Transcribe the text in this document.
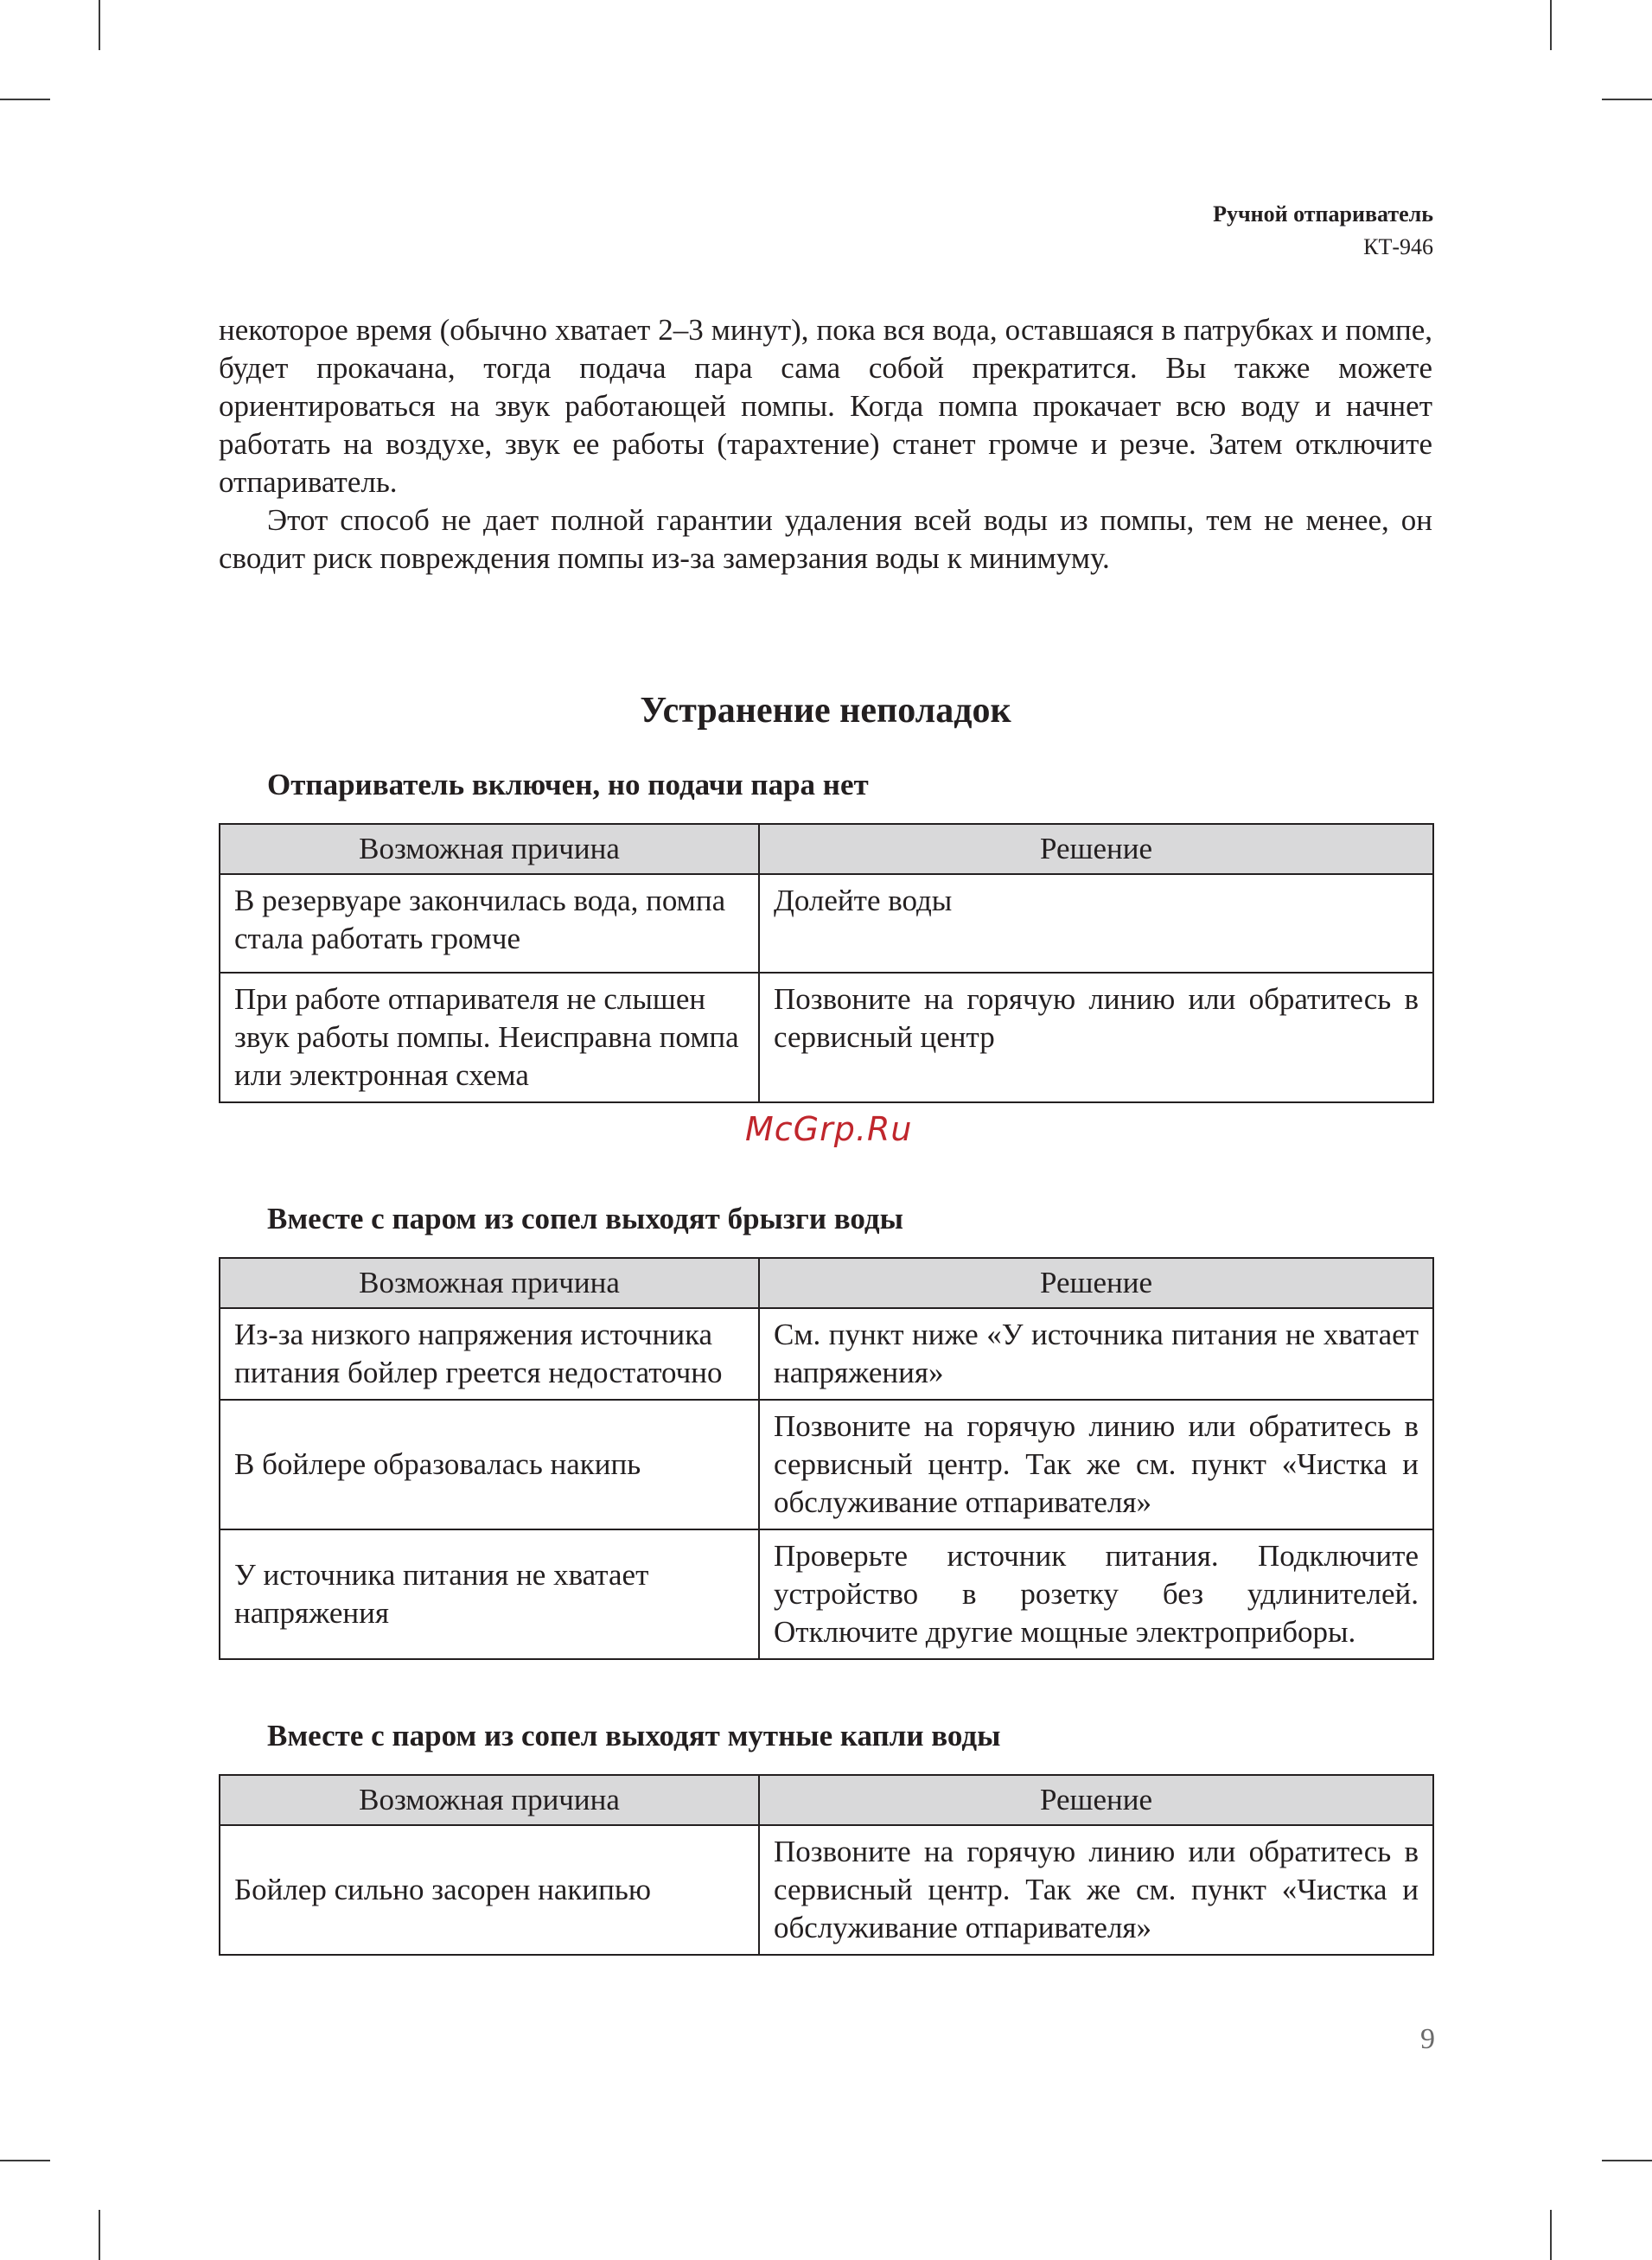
Ручной отпариватель
КТ-946

некоторое время (обычно хватает 2–3 минут), пока вся вода, оставшаяся в патрубках и помпе, будет прокачана, тогда подача пара сама собой прекратится. Вы также можете ориентироваться на звук работающей помпы. Когда помпа прокачает всю воду и начнет работать на воздухе, звук ее работы (тарахтение) станет громче и резче. Затем отключите отпариватель.

Этот способ не дает полной гарантии удаления всей воды из помпы, тем не менее, он сводит риск повреждения помпы из-за замерзания воды к минимуму.

Устранение неполадок
Отпариватель включен, но подачи пара нет
Возможная причина	Решение
В резервуаре закончилась вода, помпа стала работать громче	Долейте воды
При работе отпаривателя не слышен звук работы помпы. Неисправна помпа или электронная схема	Позвоните на горячую линию или обратитесь в сервисный центр
Вместе с паром из сопел выходят брызги воды
Возможная причина	Решение
Из-за низкого напряжения источника питания бойлер греется недостаточно	См. пункт ниже «У источника питания не хватает напряжения»
В бойлере образовалась накипь	Позвоните на горячую линию или обратитесь в сервисный центр. Так же см. пункт «Чистка и обслуживание отпаривателя»
У источника питания не хватает напряжения	Проверьте источник питания. Подключите устройство в розетку без удлинителей. Отключите другие мощные электроприборы.
Вместе с паром из сопел выходят мутные капли воды
Возможная причина	Решение
Бойлер сильно засорен накипью	Позвоните на горячую линию или обратитесь в сервисный центр. Так же см. пункт «Чистка и обслуживание отпаривателя»
McGrp.Ru
9
